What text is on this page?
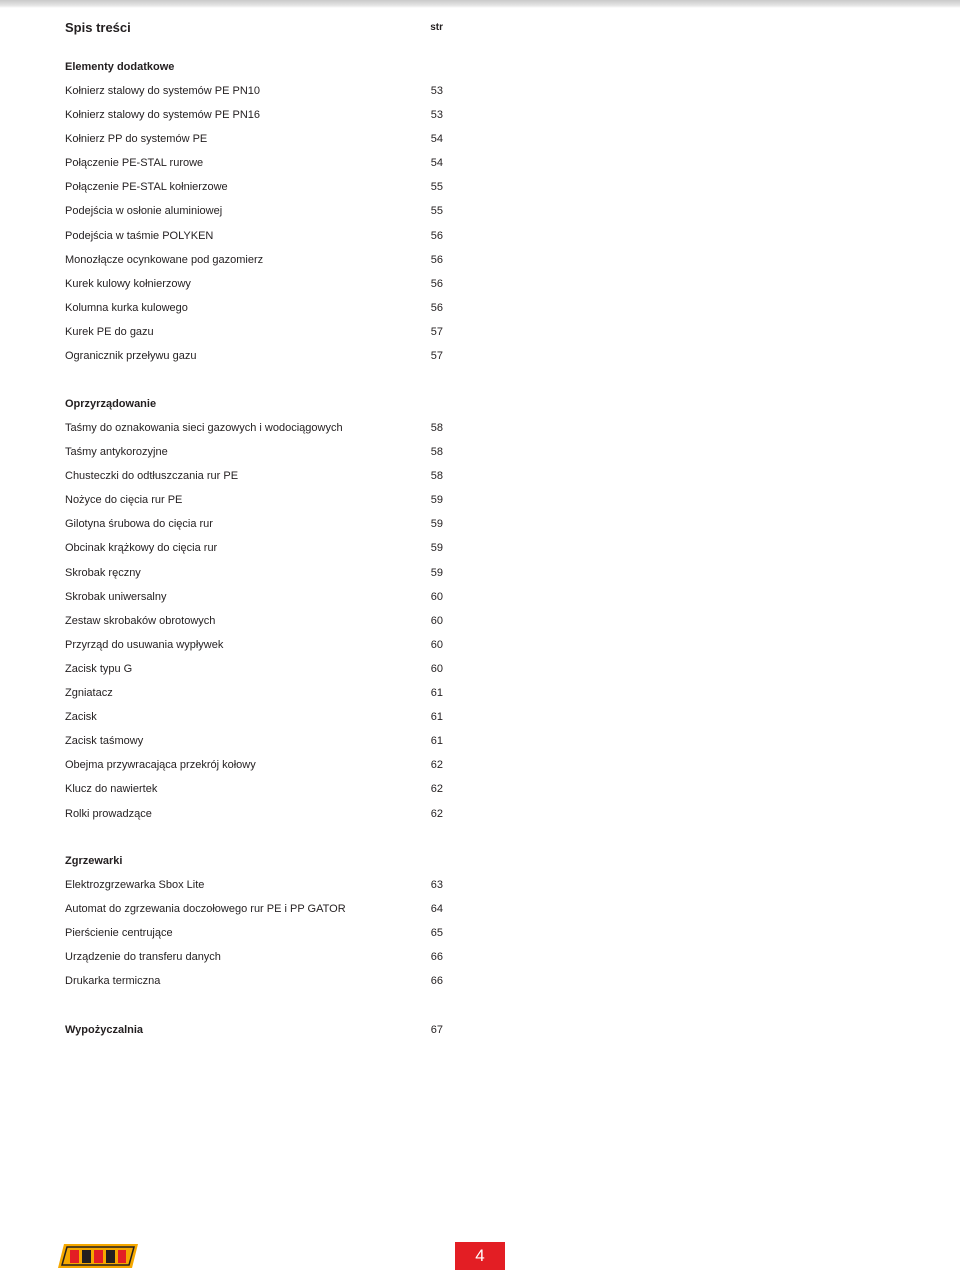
Spis treści	str
Elementy dodatkowe
Kołnierz stalowy do systemów PE PN10	53
Kołnierz stalowy do systemów PE PN16	53
Kołnierz PP do systemów PE	54
Połączenie PE-STAL rurowe	54
Połączenie PE-STAL kołnierzowe	55
Podejścia w osłonie aluminiowej	55
Podejścia w taśmie POLYKEN	56
Monozłącze ocynkowane pod gazomierz	56
Kurek kulowy kołnierzowy	56
Kolumna kurka kulowego	56
Kurek PE do gazu	57
Ogranicznik przeływu gazu	57
Oprzyrządowanie
Taśmy do oznakowania sieci gazowych i wodociągowych	58
Taśmy antykorozyjne	58
Chusteczki do odtłuszczania rur PE	58
Nożyce do cięcia rur PE	59
Gilotyna śrubowa do cięcia rur	59
Obcinak krążkowy do cięcia rur	59
Skrobak ręczny	59
Skrobak uniwersalny	60
Zestaw skrobaków obrotowych	60
Przyrząd do usuwania wypływek	60
Zacisk typu G	60
Zgniatacz	61
Zacisk	61
Zacisk taśmowy	61
Obejma przywracająca przekrój kołowy	62
Klucz do nawiertek	62
Rolki prowadzące	62
Zgrzewarki
Elektrozgrzewarka Sbox Lite	63
Automat do zgrzewania doczołowego rur PE i PP GATOR	64
Pierścienie centrujące	65
Urządzenie do transferu danych	66
Drukarka termiczna	66
Wypożyczalnia	67
4
